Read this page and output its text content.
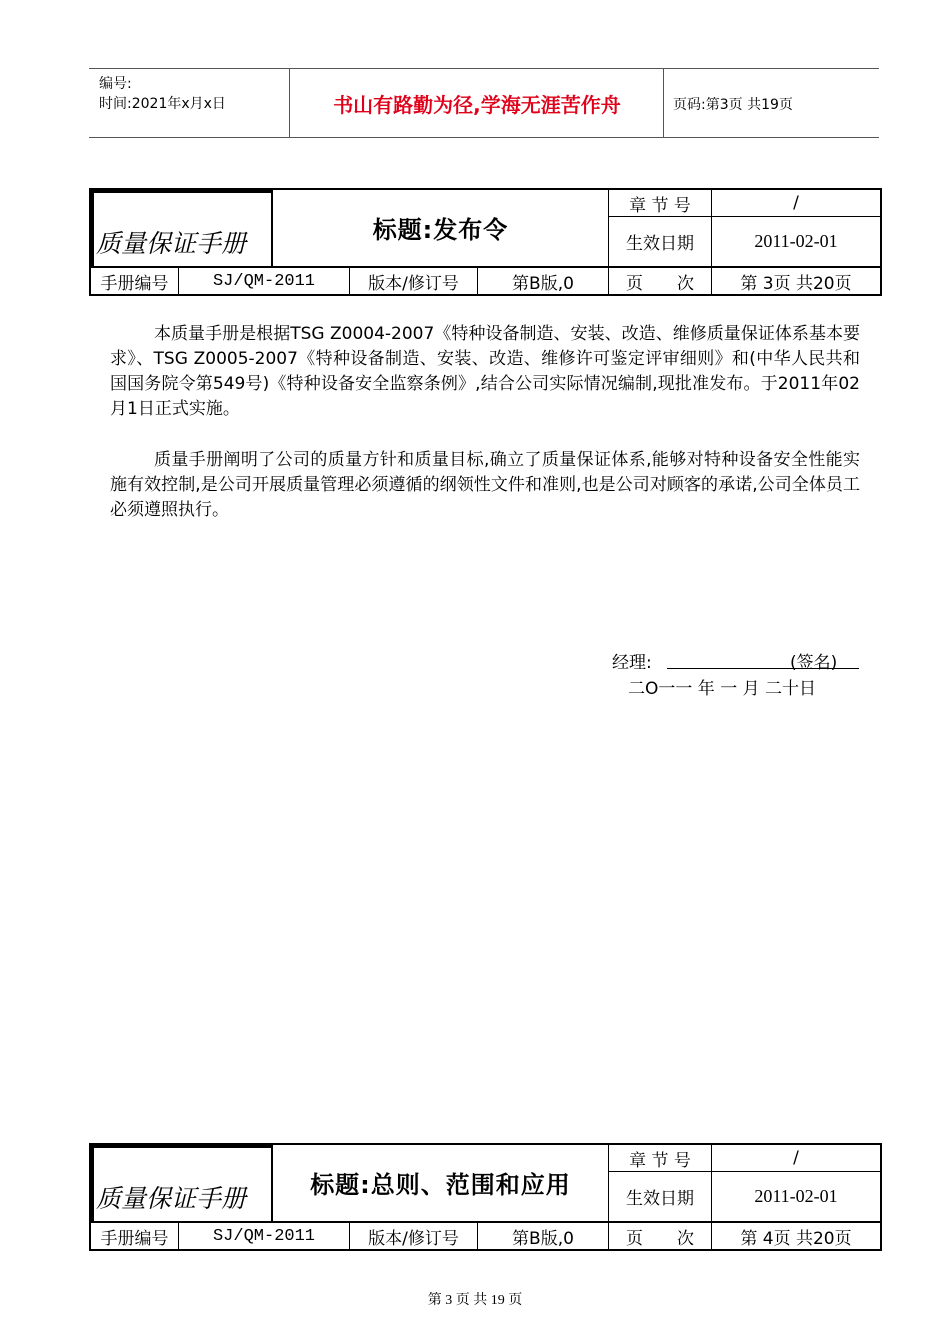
编号:
时间:2021年x月x日	书山有路勤为径,学海无涯苦作舟	页码:第3页 共19页
质量保证手册	标题:发布令
章 节 号	/
生效日期	2011-02-01
手册编号	SJ/QM-2011	版本/修订号	第B版,0	页　　次	第 3页 共20页
本质量手册是根据TSG Z0004-2007《特种设备制造、安装、改造、维修质量保证体系基本要求》、TSG Z0005-2007《特种设备制造、安装、改造、维修许可鉴定评审细则》和(中华人民共和国国务院令第549号)《特种设备安全监察条例》,结合公司实际情况编制,现批准发布。于2011年02月1日正式实施。
质量手册阐明了公司的质量方针和质量目标,确立了质量保证体系,能够对特种设备安全性能实施有效控制,是公司开展质量管理必须遵循的纲领性文件和准则,也是公司对顾客的承诺,公司全体员工必须遵照执行。
经理:	(签名)
二O一一 年 一 月 二十日
质量保证手册	标题:总则、范围和应用
章 节 号	/
生效日期	2011-02-01
手册编号	SJ/QM-2011	版本/修订号	第B版,0	页　　次	第 4页 共20页
第 3 页 共 19 页
